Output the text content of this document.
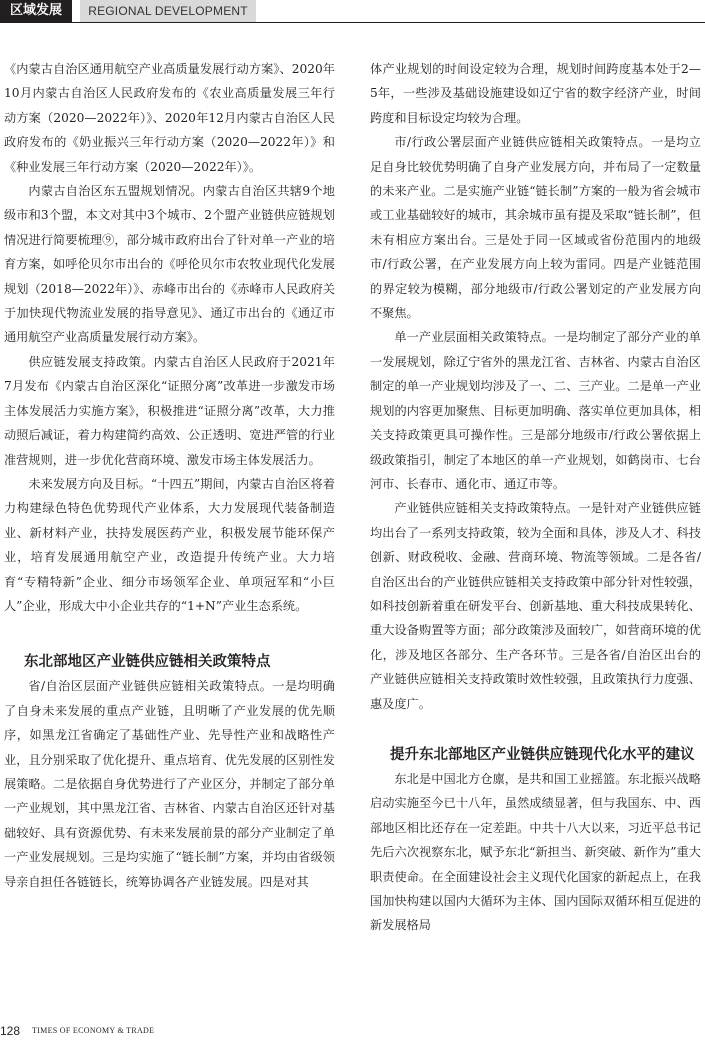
区域发展	REGIONAL DEVELOPMENT

《内蒙古自治区通用航空产业高质量发展行动方案》、2020年10月内蒙古自治区人民政府发布的《农业高质量发展三年行动方案（2020—2022年）》、2020年12月内蒙古自治区人民政府发布的《奶业振兴三年行动方案（2020—2022年）》和《种业发展三年行动方案（2020—2022年）》。

内蒙古自治区东五盟规划情况。内蒙古自治区共辖9个地级市和3个盟，本文对其中3个城市、2个盟产业链供应链规划情况进行简要梳理⑨，部分城市政府出台了针对单一产业的培育方案，如呼伦贝尔市出台的《呼伦贝尔市农牧业现代化发展规划（2018—2022年）》、赤峰市出台的《赤峰市人民政府关于加快现代物流业发展的指导意见》、通辽市出台的《通辽市通用航空产业高质量发展行动方案》。

供应链发展支持政策。内蒙古自治区人民政府于2021年7月发布《内蒙古自治区深化“证照分离”改革进一步激发市场主体发展活力实施方案》，积极推进“证照分离”改革，大力推动照后减证，着力构建简约高效、公正透明、宽进严管的行业准营规则，进一步优化营商环境、激发市场主体发展活力。

未来发展方向及目标。“十四五”期间，内蒙古自治区将着力构建绿色特色优势现代产业体系，大力发展现代装备制造业、新材料产业，扶持发展医药产业，积极发展节能环保产业，培育发展通用航空产业，改造提升传统产业。大力培育“专精特新”企业、细分市场领军企业、单项冠军和“小巨人”企业，形成大中小企业共存的“1+N”产业生态系统。

东北部地区产业链供应链相关政策特点

省/自治区层面产业链供应链相关政策特点。一是均明确了自身未来发展的重点产业链，且明晰了产业发展的优先顺序，如黑龙江省确定了基础性产业、先导性产业和战略性产业，且分别采取了优化提升、重点培育、优先发展的区别性发展策略。二是依据自身优势进行了产业区分，并制定了部分单一产业规划，其中黑龙江省、吉林省、内蒙古自治区还针对基础较好、具有资源优势、有未来发展前景的部分产业制定了单一产业发展规划。三是均实施了“链长制”方案，并均由省级领导亲自担任各链链长，统筹协调各产业链发展。四是对其

体产业规划的时间设定较为合理，规划时间跨度基本处于2—5年，一些涉及基础设施建设如辽宁省的数字经济产业，时间跨度和目标设定均较为合理。

市/行政公署层面产业链供应链相关政策特点。一是均立足自身比较优势明确了自身产业发展方向，并布局了一定数量的未来产业。二是实施产业链“链长制”方案的一般为省会城市或工业基础较好的城市，其余城市虽有提及采取“链长制”，但未有相应方案出台。三是处于同一区域或省份范围内的地级市/行政公署，在产业发展方向上较为雷同。四是产业链范围的界定较为模糊，部分地级市/行政公署划定的产业发展方向不聚焦。

单一产业层面相关政策特点。一是均制定了部分产业的单一发展规划，除辽宁省外的黑龙江省、吉林省、内蒙古自治区制定的单一产业规划均涉及了一、二、三产业。二是单一产业规划的内容更加聚焦、目标更加明确、落实单位更加具体，相关支持政策更具可操作性。三是部分地级市/行政公署依据上级政策指引，制定了本地区的单一产业规划，如鹤岗市、七台河市、长春市、通化市、通辽市等。

产业链供应链相关支持政策特点。一是针对产业链供应链均出台了一系列支持政策，较为全面和具体，涉及人才、科技创新、财政税收、金融、营商环境、物流等领域。二是各省/自治区出台的产业链供应链相关支持政策中部分针对性较强，如科技创新着重在研发平台、创新基地、重大科技成果转化、重大设备购置等方面；部分政策涉及面较广，如营商环境的优化，涉及地区各部分、生产各环节。三是各省/自治区出台的产业链供应链相关支持政策时效性较强，且政策执行力度强、惠及度广。

提升东北部地区产业链供应链现代化水平的建议

东北是中国北方仓廪，是共和国工业摇篮。东北振兴战略启动实施至今已十八年，虽然成绩显著，但与我国东、中、西部地区相比还存在一定差距。中共十八大以来，习近平总书记先后六次视察东北，赋予东北“新担当、新突破、新作为”重大职责使命。在全面建设社会主义现代化国家的新起点上，在我国加快构建以国内大循环为主体、国内国际双循环相互促进的新发展格局

128 TIMES OF ECONOMY & TRADE
